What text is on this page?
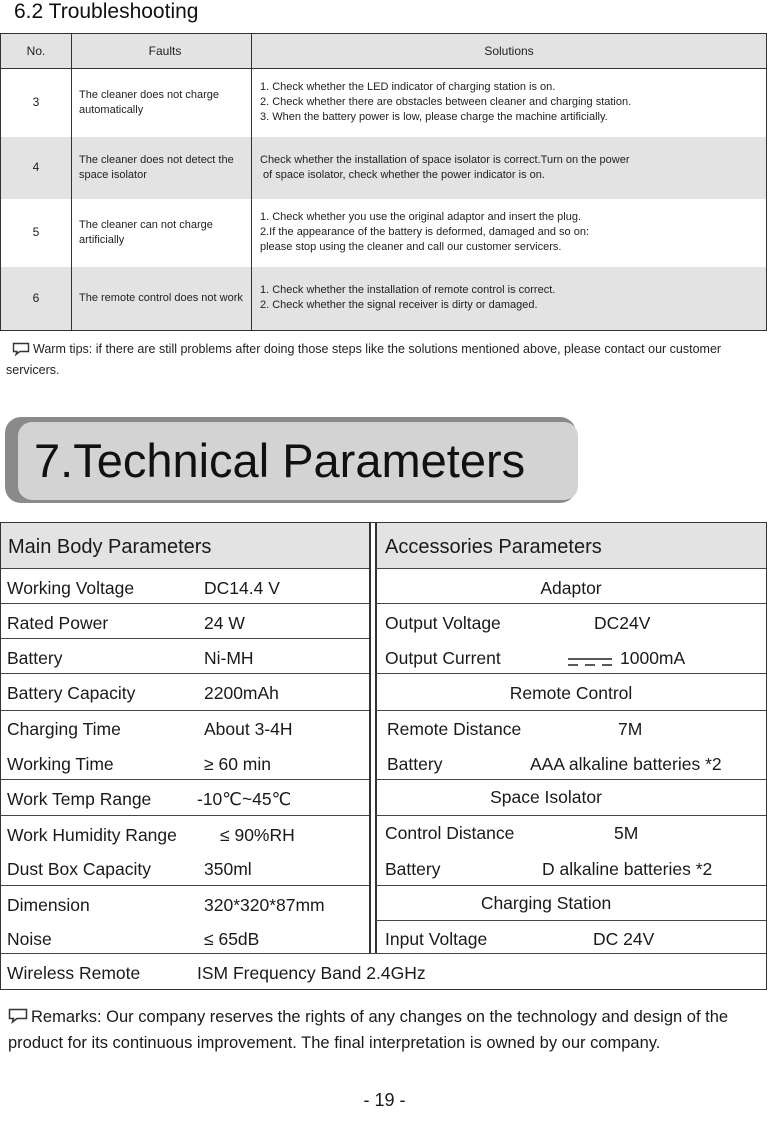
6.2 Troubleshooting
No.	Faults	Solutions
3	The cleaner does not charge automatically	1. Check whether the LED indicator of charging station is on.
2. Check whether there are obstacles between cleaner and charging station.
3. When the battery power is low, please charge the machine artificially.

4	The cleaner does not detect the space isolator	Check whether the installation of space isolator is correct.Turn on the power
of space isolator, check whether the power indicator is on.

5	The cleaner can not charge artificially	1. Check whether you use the original adaptor and insert the plug.
2.If the appearance of the battery is deformed, damaged and so on:
please stop using the cleaner and call our customer servicers.

6	The remote control does not work	1. Check whether the installation of remote control is correct.
2. Check whether the signal receiver is dirty or damaged.
Warm tips: if there are still problems after doing those steps like the solutions mentioned above, please contact our customer servicers.
7.Technical Parameters
Main Body Parameters	Accessories Parameters
Working Voltage	DC14.4 V
Rated Power	24 W
Battery	Ni-MH
Battery Capacity	2200mAh
Charging Time	About 3-4H
Working Time	≥ 60 min
Work Temp Range	-10℃~45℃
Work Humidity Range ≤ 90%RH
Dust Box Capacity	350ml
Dimension	320*320*87mm
Noise	≤ 65dB
Wireless Remote	ISM Frequency Band 2.4GHz
Adaptor
Output Voltage	DC24V
Output Current	1000mA
Remote Control
Remote Distance	7M
Battery	AAA alkaline batteries *2
Space Isolator
Control Distance	5M
Battery	D alkaline batteries *2
Charging Station
Input Voltage	DC 24V
Remarks: Our company reserves the rights of any changes on the technology and design of the product for its continuous improvement. The final interpretation is owned by our company.
- 19 -
